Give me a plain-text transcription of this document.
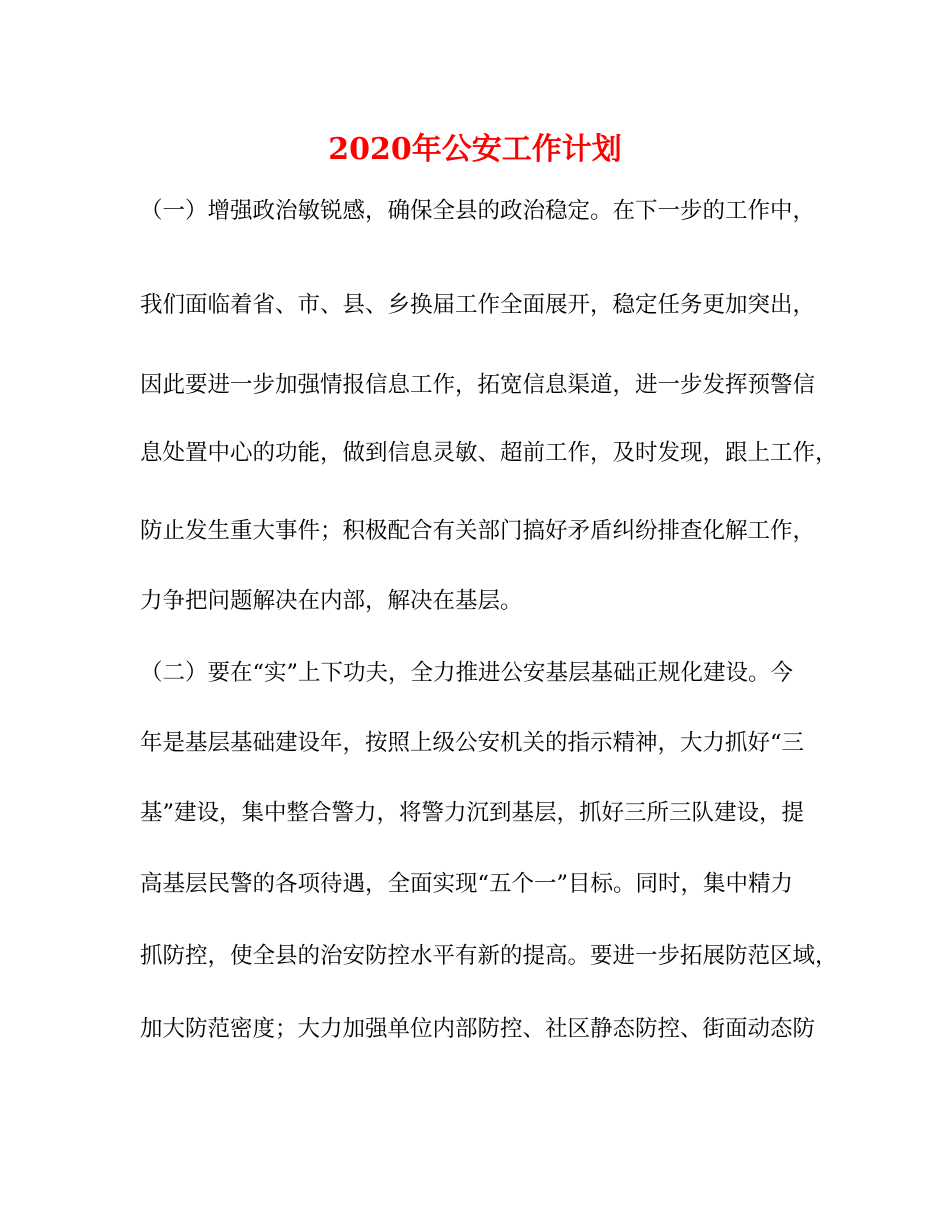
2020年公安工作计划

（一）增强政治敏锐感，确保全县的政治稳定。在下一步的工作中，

我们面临着省、市、县、乡换届工作全面展开，稳定任务更加突出，

因此要进一步加强情报信息工作，拓宽信息渠道，进一步发挥预警信

息处置中心的功能，做到信息灵敏、超前工作，及时发现，跟上工作，

防止发生重大事件；积极配合有关部门搞好矛盾纠纷排查化解工作，

力争把问题解决在内部，解决在基层。

（二）要在“实”上下功夫，全力推进公安基层基础正规化建设。今

年是基层基础建设年，按照上级公安机关的指示精神，大力抓好“三

基”建设，集中整合警力，将警力沉到基层，抓好三所三队建设，提

高基层民警的各项待遇，全面实现“五个一”目标。同时，集中精力

抓防控，使全县的治安防控水平有新的提高。要进一步拓展防范区域，

加大防范密度；大力加强单位内部防控、社区静态防控、街面动态防
